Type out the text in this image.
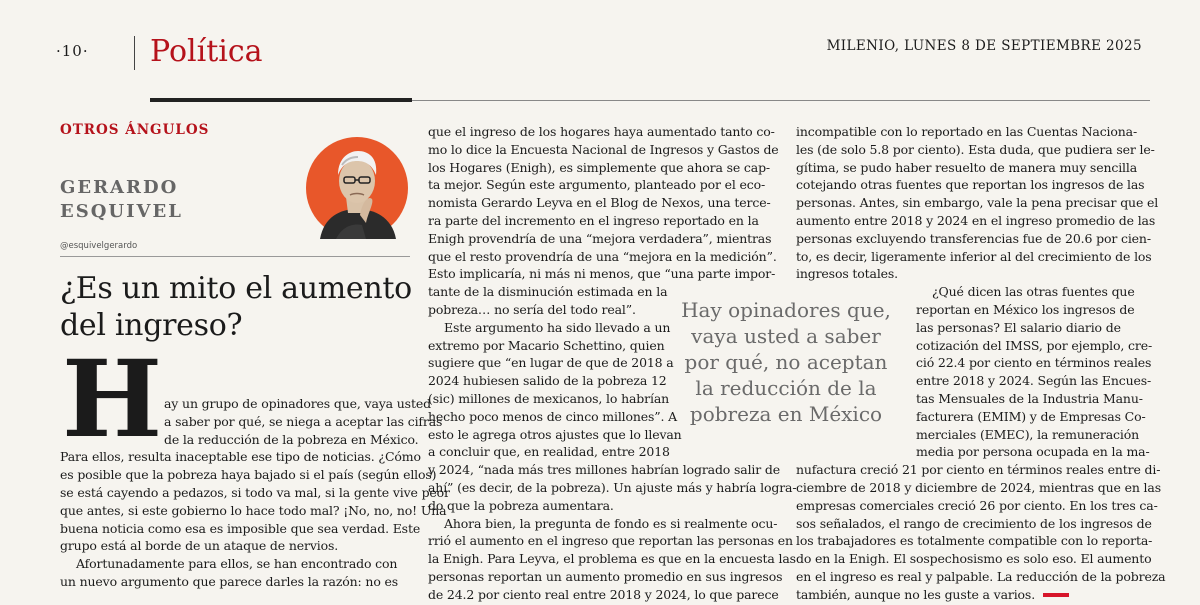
·10· Política	MILENIO, LUNES 8 DE SEPTIEMBRE 2025
OTROS ÁNGULOS
GERARDO
ESQUIVEL
@esquivelgerardo
¿Es un mito el aumento
del ingreso?
H ay un grupo de opinadores que, vaya usted
a saber por qué, se niega a aceptar las cifras
de la reducción de la pobreza en México.
Para ellos, resulta inaceptable ese tipo de noticias. ¿Cómo
es posible que la pobreza haya bajado si el país (según ellos)
se está cayendo a pedazos, si todo va mal, si la gente vive peor
que antes, si este gobierno lo hace todo mal? ¡No, no, no! Una
buena noticia como esa es imposible que sea verdad. Este
grupo está al borde de un ataque de nervios.
Afortunadamente para ellos, se han encontrado con
un nuevo argumento que parece darles la razón: no es
que el ingreso de los hogares haya aumentado tanto co-
mo lo dice la Encuesta Nacional de Ingresos y Gastos de
los Hogares (Enigh), es simplemente que ahora se cap-
ta mejor. Según este argumento, planteado por el eco-
nomista Gerardo Leyva en el Blog de Nexos, una terce-
ra parte del incremento en el ingreso reportado en la
Enigh provendría de una “mejora verdadera”, mientras
que el resto provendría de una “mejora en la medición”.
Esto implicaría, ni más ni menos, que “una parte impor-
tante de la disminución estimada en la
pobreza… no sería del todo real”.
Este argumento ha sido llevado a un
extremo por Macario Schettino, quien
sugiere que “en lugar de que de 2018 a
2024 hubiesen salido de la pobreza 12
(sic) millones de mexicanos, lo habrían
hecho poco menos de cinco millones”. A
esto le agrega otros ajustes que lo llevan
a concluir que, en realidad, entre 2018
y 2024, “nada más tres millones habrían logrado salir de
ahí” (es decir, de la pobreza). Un ajuste más y habría logra-
do que la pobreza aumentara.
Ahora bien, la pregunta de fondo es si realmente ocu-
rrió el aumento en el ingreso que reportan las personas en
la Enigh. Para Leyva, el problema es que en la encuesta las
personas reportan un aumento promedio en sus ingresos
de 24.2 por ciento real entre 2018 y 2024, lo que parece
Hay opinadores que,
vaya usted a saber
por qué, no aceptan
la reducción de la
pobreza en México
incompatible con lo reportado en las Cuentas Naciona-
les (de solo 5.8 por ciento). Esta duda, que pudiera ser le-
gítima, se pudo haber resuelto de manera muy sencilla
cotejando otras fuentes que reportan los ingresos de las
personas. Antes, sin embargo, vale la pena precisar que el
aumento entre 2018 y 2024 en el ingreso promedio de las
personas excluyendo transferencias fue de 20.6 por cien-
to, es decir, ligeramente inferior al del crecimiento de los
ingresos totales.
¿Qué dicen las otras fuentes que
reportan en México los ingresos de
las personas? El salario diario de
cotización del IMSS, por ejemplo, cre-
ció 22.4 por ciento en términos reales
entre 2018 y 2024. Según las Encues-
tas Mensuales de la Industria Manu-
facturera (EMIM) y de Empresas Co-
merciales (EMEC), la remuneración
media por persona ocupada en la ma-
nufactura creció 21 por ciento en términos reales entre di-
ciembre de 2018 y diciembre de 2024, mientras que en las
empresas comerciales creció 26 por ciento. En los tres ca-
sos señalados, el rango de crecimiento de los ingresos de
los trabajadores es totalmente compatible con lo reporta-
do en la Enigh. El sospechosismo es solo eso. El aumento
en el ingreso es real y palpable. La reducción de la pobreza
también, aunque no les guste a varios.
